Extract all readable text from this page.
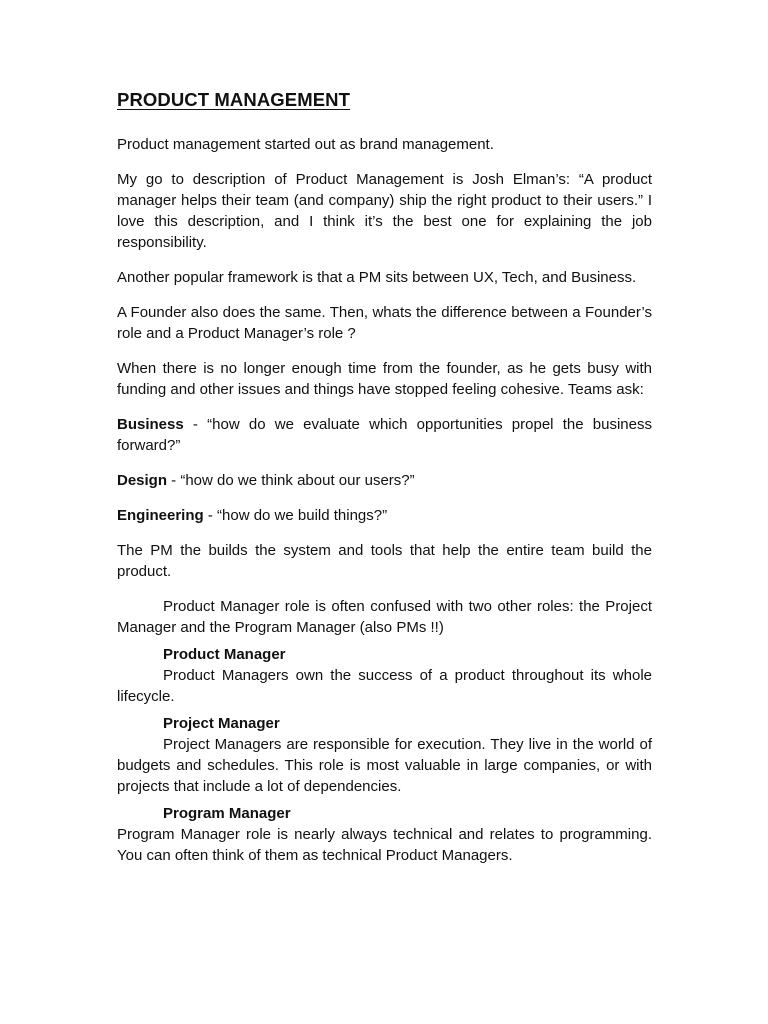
PRODUCT MANAGEMENT

Product management started out as brand management.

My go to description of Product Management is Josh Elman’s: “A product manager helps their team (and company) ship the right product to their users.” I love this description, and I think it’s the best one for explaining the job responsibility.

Another popular framework is that a PM sits between UX, Tech, and Business.

A Founder also does the same. Then, whats the difference between a Founder’s role and a Product Manager’s role ?

When there is no longer enough time from the founder, as he gets busy with funding and other issues and things have stopped feeling cohesive. Teams ask:

Business - “how do we evaluate which opportunities propel the business forward?”

Design - “how do we think about our users?”

Engineering - “how do we build things?”

The PM the builds the system and tools that help the entire team build the product.

Product Manager role is often confused with two other roles: the Project Manager and the Program Manager (also PMs !!)

Product Manager

Product Managers own the success of a product throughout its whole lifecycle.

Project Manager

Project Managers are responsible for execution. They live in the world of budgets and schedules. This role is most valuable in large companies, or with projects that include a lot of dependencies.

Program Manager

Program Manager role is nearly always technical and relates to programming. You can often think of them as technical Product Managers.
